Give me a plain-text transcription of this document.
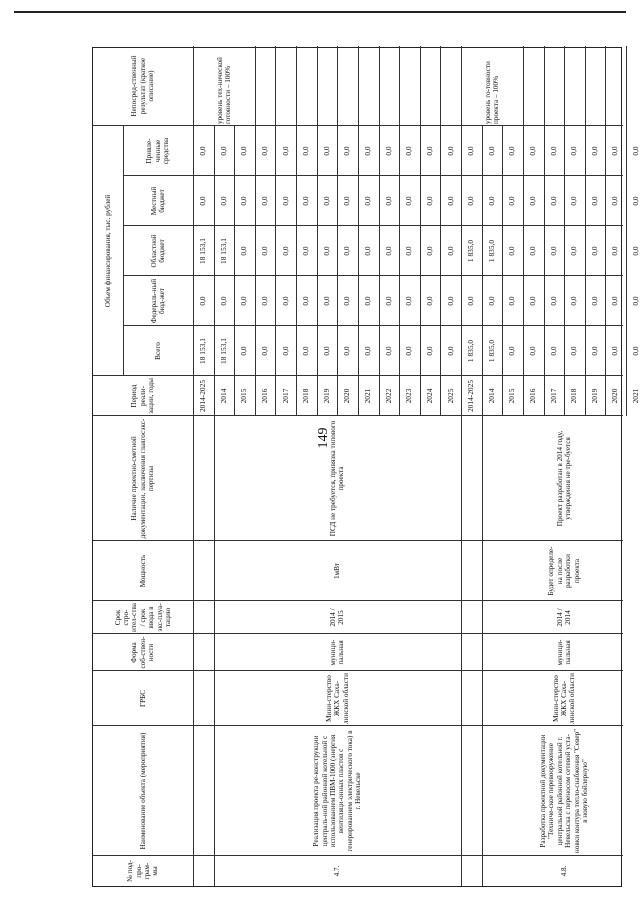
149
№ под-про-грам-мы
Наименование объекта (мероприятия)
ГРБС
Форма соб-ствен-ности
Срок стро-ител-ства / срок ввода в экс-плуа-тацию
Мощность
Наличие проектно-сметной документации, заключения главгосэкс-пертизы
Период реали-зации, годы
Объем финансирования, тыс. рублей
Всего
Федераль-ный бюд-жет
Областной бюджет
Местный бюджет
Привле-ченные средства
Непосред-ственный результат (краткое описание)
4.7.
Реализация проекта ре-конструкции централь-ной районной котельной с использованием ПВМ-1000 (энергия вентиляци-онных пластов с генерированием электрического тока) в г. Невельске
Мини-стерство ЖКХ Саха-линской области
муници-пальная
2014 / 2015
1мВт
ПСД не требуется, привязка типового проекта
уровень тех-нической готовности – 100%
2014-2025
18 153,1
0,0
18 153,1
0,0
0,0
2014
18 153,1
0,0
18 153,1
0,0
0,0
2015
0,0
0,0
0,0
0,0
0,0
2016
0,0
0,0
0,0
0,0
0,0
2017
0,0
0,0
0,0
0,0
0,0
2018
0,0
0,0
0,0
0,0
0,0
2019
0,0
0,0
0,0
0,0
0,0
2020
0,0
0,0
0,0
0,0
0,0
2021
0,0
0,0
0,0
0,0
0,0
2022
0,0
0,0
0,0
0,0
0,0
2023
0,0
0,0
0,0
0,0
0,0
2024
0,0
0,0
0,0
0,0
0,0
2025
0,0
0,0
0,0
0,0
0,0
4.8.
Разработка проектной документации "Техниче-ское перевооружение центральной районной котельной г. Невельска с переносом сетевой уста-новки контура тепло-снабжения "Север" в новую бойлерную"
Мини-стерство ЖКХ Саха-линской области
муници-пальная
2014 / 2014
Будет определе-на после разработки проекта
Проект разработан в 2014 году, утверждения не тре-буется
уровень го-товности проекта – 100%
2014-2025
1 835,0
0,0
1 835,0
0,0
0,0
2014
1 835,0
0,0
1 835,0
0,0
0,0
2015
0,0
0,0
0,0
0,0
0,0
2016
0,0
0,0
0,0
0,0
0,0
2017
0,0
0,0
0,0
0,0
0,0
2018
0,0
0,0
0,0
0,0
0,0
2019
0,0
0,0
0,0
0,0
0,0
2020
0,0
0,0
0,0
0,0
0,0
2021
0,0
0,0
0,0
0,0
0,0
